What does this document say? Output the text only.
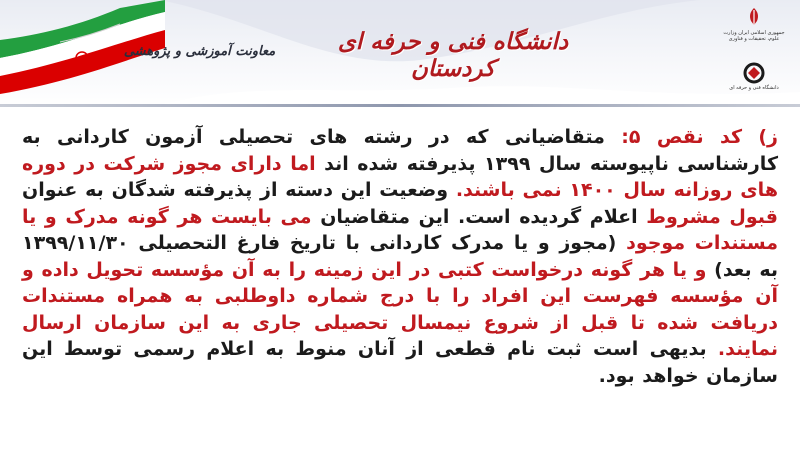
دانشگاه فنی و حرفه ای کردستان
معاونت آموزشی و پژوهشی
جمهوری اسلامی ایران وزارت علوم، تحقیقات و فناوری
دانشگاه فنی و حرفه ای
ز) کد نقص ۵: متقاضیانی که در رشته های تحصیلی آزمون کاردانی به کارشناسی ناپیوسته سال ۱۳۹۹ پذیرفته شده اند اما دارای مجوز شرکت در دوره های روزانه سال ۱۴۰۰ نمی باشند. وضعیت این دسته از پذیرفته شدگان به عنوان قبول مشروط اعلام گردیده است. این متقاضیان می بایست هر گونه مدرک و یا مستندات موجود (مجوز و یا مدرک کاردانی با تاریخ فارغ التحصیلی ۱۳۹۹/۱۱/۳۰ به بعد) و یا هر گونه درخواست کتبی در این زمینه را به آن مؤسسه تحویل داده و آن مؤسسه فهرست این افراد را با درج شماره داوطلبی به همراه مستندات دریافت شده تا قبل از شروع نیمسال تحصیلی جاری به این سازمان ارسال نمایند. بدیهی است ثبت نام قطعی از آنان منوط به اعلام رسمی توسط این سازمان خواهد بود.
